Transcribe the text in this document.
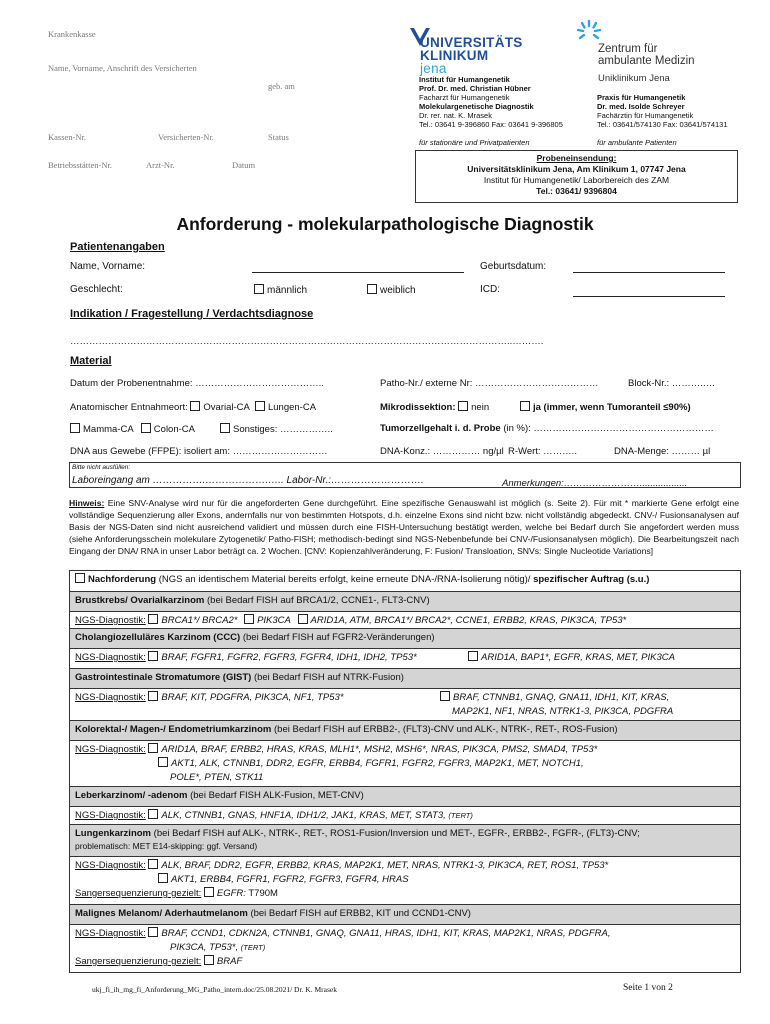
Krankenkasse
Name, Vorname, Anschrift des Versicherten
geb. am
Kassen-Nr.	Versicherten-Nr.	Status
Betriebsstätten-Nr.	Arzt-Nr.	Datum
UNIVERSITÄTS
KLINIKUM
jena
Zentrum für
ambulante Medizin
Uniklinikum Jena
Institut für Humangenetik
Prof. Dr. med. Christian Hübner
Facharzt für Humangenetik
Molekulargenetische Diagnostik
Dr. rer. nat. K. Mrasek
Tel.: 03641 9-396860 Fax: 03641 9-396805
für stationäre und Privatpatienten
Praxis für Humangenetik
Dr. med. Isolde Schreyer
Fachärztin für Humangenetik
Tel.: 03641/574130 Fax: 03641/574131
für ambulante Patienten
Probeneinsendung:
Universitätsklinikum Jena, Am Klinikum 1, 07747 Jena
Institut für Humangenetik/ Laborbereich des ZAM
Tel.: 03641/ 9396804
Anforderung - molekularpathologische Diagnostik
Patientenangaben
Name, Vorname:	Geburtsdatum:
Geschlecht:	männlich	weiblich	ICD:
Indikation / Fragestellung / Verdachtsdiagnose
…………………………………………………………………………………………………………………………..……….
Material
Datum der Probenentnahme: …………………………………..	Patho-Nr./ externe Nr: …………………………………	Block-Nr.: ………..…
Anatomischer Entnahmeort: Ovarial-CA Lungen-CA	Mikrodissektion: nein	ja (immer, wenn Tumoranteil ≤90%)
Mamma-CA Colon-CA	Sonstiges: ……………..	Tumorzellgehalt i. d. Probe (in %): …………………………………………………
DNA aus Gewebe (FFPE): isoliert am: …………………………	DNA-Konz.: …………… ng/µl R-Wert: ………..	DNA-Menge: ……… µl
Bitte nicht ausfüllen:
Laboreingang am …………….……………….….. Labor-Nr.:……………………….	Anmerkungen:……………………..................
Hinweis: Eine SNV-Analyse wird nur für die angeforderten Gene durchgeführt. Eine spezifische Genauswahl ist möglich (s. Seite 2). Für mit * markierte Gene erfolgt eine vollständige Sequenzierung aller Exons, andernfalls nur von bestimmten Hotspots, d.h. einzelne Exons sind nicht bzw. nicht vollständig abgedeckt. CNV-/ Fusionsanalysen auf Basis der NGS-Daten sind nicht ausreichend validiert und müssen durch eine FISH-Untersuchung bestätigt werden, welche bei Bedarf durch Sie angefordert werden muss (siehe Anforderungsschein molekulare Zytogenetik/ Patho-FISH; methodisch-bedingt sind NGS-Nebenbefunde bei CNV-/Fusionsanalysen möglich). Die Bearbeitungszeit nach Eingang der DNA/ RNA in unser Labor beträgt ca. 2 Wochen. [CNV: Kopienzahlveränderung, F: Fusion/ Transloation, SNVs: Single Nucleotide Variations]
Nachforderung (NGS an identischem Material bereits erfolgt, keine erneute DNA-/RNA-Isolierung nötig)/ spezifischer Auftrag (s.u.)
Brustkrebs/ Ovarialkarzinom (bei Bedarf FISH auf BRCA1/2, CCNE1-, FLT3-CNV)
NGS-Diagnostik: BRCA1*/ BRCA2* PIK3CA ARID1A, ATM, BRCA1*/ BRCA2*, CCNE1, ERBB2, KRAS, PIK3CA, TP53*
Cholangiozelluläres Karzinom (CCC) (bei Bedarf FISH auf FGFR2-Veränderungen)
NGS-Diagnostik: BRAF, FGFR1, FGFR2, FGFR3, FGFR4, IDH1, IDH2, TP53*	ARID1A, BAP1*, EGFR, KRAS, MET, PIK3CA
Gastrointestinale Stromatumore (GIST) (bei Bedarf FISH auf NTRK-Fusion)
NGS-Diagnostik: BRAF, KIT, PDGFRA, PIK3CA, NF1, TP53*	BRAF, CTNNB1, GNAQ, GNA11, IDH1, KIT, KRAS,
MAP2K1, NF1, NRAS, NTRK1-3, PIK3CA, PDGFRA
Kolorektal-/ Magen-/ Endometriumkarzinom (bei Bedarf FISH auf ERBB2-, (FLT3)-CNV und ALK-, NTRK-, RET-, ROS-Fusion)
NGS-Diagnostik: ARID1A, BRAF, ERBB2, HRAS, KRAS, MLH1*, MSH2, MSH6*, NRAS, PIK3CA, PMS2, SMAD4, TP53*
AKT1, ALK, CTNNB1, DDR2, EGFR, ERBB4, FGFR1, FGFR2, FGFR3, MAP2K1, MET, NOTCH1,
POLE*, PTEN, STK11
Leberkarzinom/ -adenom (bei Bedarf FISH ALK-Fusion, MET-CNV)
NGS-Diagnostik: ALK, CTNNB1, GNAS, HNF1A, IDH1/2, JAK1, KRAS, MET, STAT3, (TERT)
Lungenkarzinom (bei Bedarf FISH auf ALK-, NTRK-, RET-, ROS1-Fusion/Inversion und MET-, EGFR-, ERBB2-, FGFR-, (FLT3)-CNV;
problematisch: MET E14-skipping: ggf. Versand)
NGS-Diagnostik: ALK, BRAF, DDR2, EGFR, ERBB2, KRAS, MAP2K1, MET, NRAS, NTRK1-3, PIK3CA, RET, ROS1, TP53*
AKT1, ERBB4, FGFR1, FGFR2, FGFR3, FGFR4, HRAS
Sangersequenzierung-gezielt: EGFR: T790M
Malignes Melanom/ Aderhautmelanom (bei Bedarf FISH auf ERBB2, KIT und CCND1-CNV)
NGS-Diagnostik: BRAF, CCND1, CDKN2A, CTNNB1, GNAQ, GNA11, HRAS, IDH1, KIT, KRAS, MAP2K1, NRAS, PDGFRA,
PIK3CA, TP53*, (TERT)
Sangersequenzierung-gezielt: BRAF
ukj_fi_ih_mg_fi_Anforderung_MG_Patho_intern.doc/25.08.2021/ Dr. K. Mrasek	Seite 1 von 2
